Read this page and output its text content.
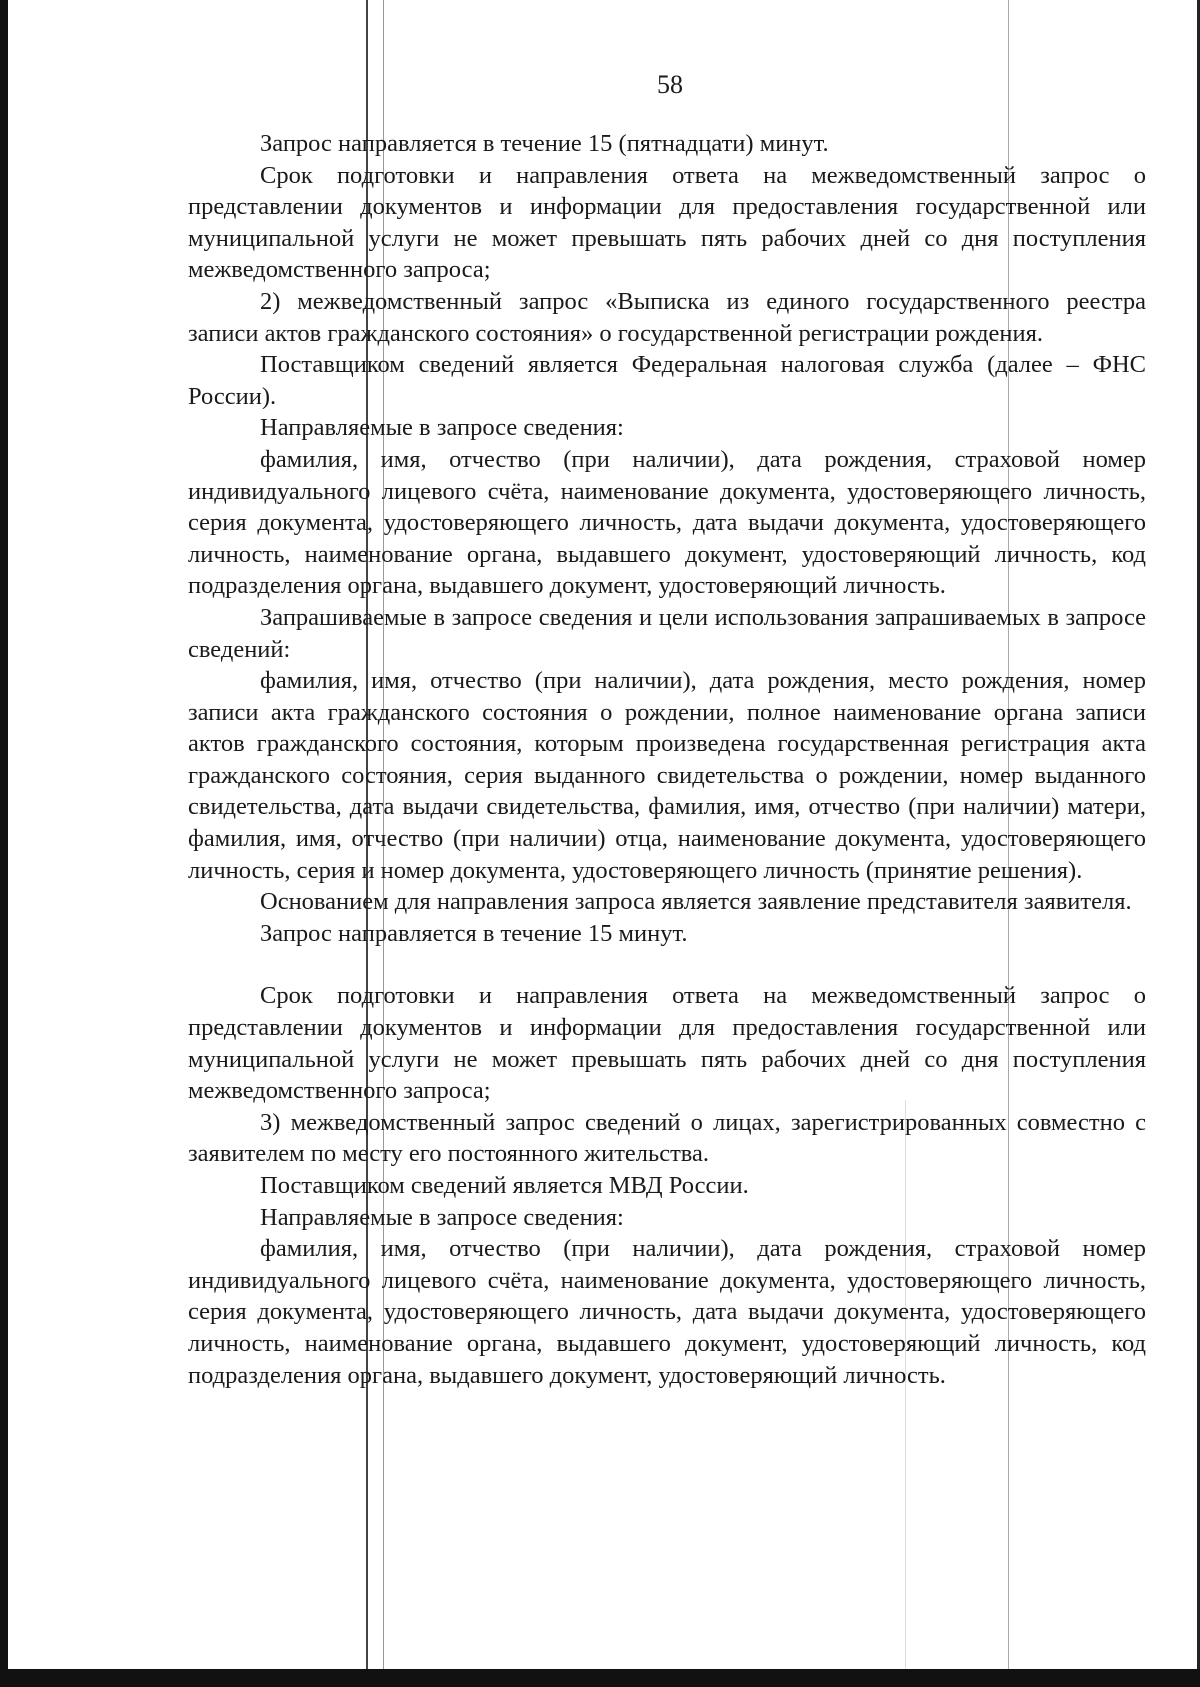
58

Запрос направляется в течение 15 (пятнадцати) минут.

Срок подготовки и направления ответа на межведомственный запрос о представлении документов и информации для предоставления государственной или муниципальной услуги не может превышать пять рабочих дней со дня поступления межведомственного запроса;

2) межведомственный запрос «Выписка из единого государственного реестра записи актов гражданского состояния» о государственной регистрации рождения.

Поставщиком сведений является Федеральная налоговая служба (далее – ФНС России).

Направляемые в запросе сведения:

фамилия, имя, отчество (при наличии), дата рождения, страховой номер индивидуального лицевого счёта, наименование документа, удостоверяющего личность, серия документа, удостоверяющего личность, дата выдачи документа, удостоверяющего личность, наименование органа, выдавшего документ, удостоверяющий личность, код подразделения органа, выдавшего документ, удостоверяющий личность.

Запрашиваемые в запросе сведения и цели использования запрашиваемых в запросе сведений:

фамилия, имя, отчество (при наличии), дата рождения, место рождения, номер записи акта гражданского состояния о рождении, полное наименование органа записи актов гражданского состояния, которым произведена государственная регистрация акта гражданского состояния, серия выданного свидетельства о рождении, номер выданного свидетельства, дата выдачи свидетельства, фамилия, имя, отчество (при наличии) матери, фамилия, имя, отчество (при наличии) отца, наименование документа, удостоверяющего личность, серия и номер документа, удостоверяющего личность (принятие решения).

Основанием для направления запроса является заявление представителя заявителя.

Запрос направляется в течение 15 минут.

Срок подготовки и направления ответа на межведомственный запрос о представлении документов и информации для предоставления государственной или муниципальной услуги не может превышать пять рабочих дней со дня поступления межведомственного запроса;

3) межведомственный запрос сведений о лицах, зарегистрированных совместно с заявителем по месту его постоянного жительства.

Поставщиком сведений является МВД России.

Направляемые в запросе сведения:

фамилия, имя, отчество (при наличии), дата рождения, страховой номер индивидуального лицевого счёта, наименование документа, удостоверяющего личность, серия документа, удостоверяющего личность, дата выдачи документа, удостоверяющего личность, наименование органа, выдавшего документ, удостоверяющий личность, код подразделения органа, выдавшего документ, удостоверяющий личность.
